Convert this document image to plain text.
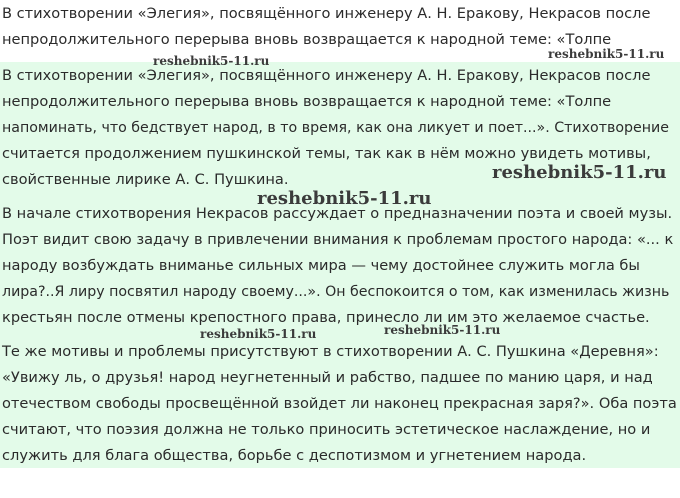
В стихотворении «Элегия», посвящённого инженеру А. Н. Еракову, Некрасов после
непродолжительного перерыва вновь возвращается к народной теме: «Толпе
В стихотворении «Элегия», посвящённого инженеру А. Н. Еракову, Некрасов после
непродолжительного перерыва вновь возвращается к народной теме: «Толпе
напоминать, что бедствует народ, в то время, как она ликует и поет...». Стихотворение
считается продолжением пушкинской темы, так как в нём можно увидеть мотивы,
свойственные лирике А. С. Пушкина.
В начале стихотворения Некрасов рассуждает о предназначении поэта и своей музы.
Поэт видит свою задачу в привлечении внимания к проблемам простого народа: «... к
народу возбуждать вниманье сильных мира — чему достойнее служить могла бы
лира?..Я лиру посвятил народу своему...». Он беспокоится о том, как изменилась жизнь
крестьян после отмены крепостного права, принесло ли им это желаемое счастье.
Те же мотивы и проблемы присутствуют в стихотворении А. С. Пушкина «Деревня»:
«Увижу ль, о друзья! народ неугнетенный и рабство, падшее по манию царя, и над
отечеством свободы просвещённой взойдет ли наконец прекрасная заря?». Оба поэта
считают, что поэзия должна не только приносить эстетическое наслаждение, но и
служить для блага общества, борьбе с деспотизмом и угнетением народа.
reshebnik5-11.ru
reshebnik5-11.ru
reshebnik5-11.ru
reshebnik5-11.ru
reshebnik5-11.ru	reshebnik5-11.ru
